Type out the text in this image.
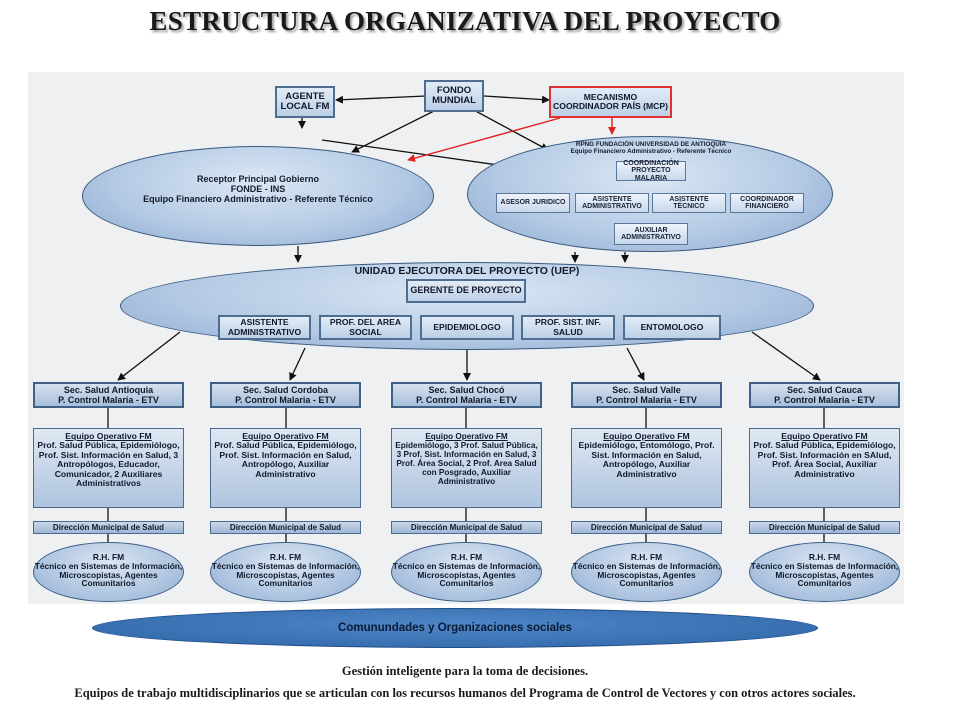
ESTRUCTURA ORGANIZATIVA DEL PROYECTO
AGENTE LOCAL FM
FONDO MUNDIAL	MECANISMO COORDINADOR PAÍS (MCP)
Receptor Principal Gobierno
FONDE - INS
Equipo Financiero Administrativo - Referente Técnico
RPNG FUNDACIÓN UNIVERSIDAD DE ANTIOQUIA
Equipo Financiero Administrativo - Referente Técnico
COORDINACIÓN PROYECTO MALARIA
ASESOR JURIDICO
ASISTENTE ADMINISTRATIVO
ASISTENTE TÉCNICO
COORDINADOR FINANCIERO
AUXILIAR ADMINISTRATIVO
UNIDAD EJECUTORA DEL PROYECTO (UEP)
GERENTE DE PROYECTO
ASISTENTE ADMINISTRATIVO
PROF. DEL AREA SOCIAL	EPIDEMIOLOGO	PROF. SIST. INF. SALUD	ENTOMOLOGO
Sec. Salud Antioquia
P. Control Malaria - ETV
Equipo Operativo FM
Prof. Salud Pública, Epidemiólogo, Prof. Sist. Información en Salud, 3 Antropólogos, Educador, Comunicador, 2 Auxiliares Administrativos
Dirección Municipal de Salud
R.H. FM
Técnico en Sistemas de Información, Microscopistas, Agentes Comunitarios
Sec. Salud Cordoba
P. Control Malaria - ETV
Equipo Operativo FM
Prof. Salud Pública, Epidemiólogo, Prof. Sist. Información en Salud, Antropólogo, Auxiliar Administrativo
Dirección Municipal de Salud
R.H. FM
Técnico en Sistemas de Información, Microscopistas, Agentes Comunitarios
Sec. Salud Chocó
P. Control Malaria - ETV
Equipo Operativo FM
Epidemiólogo, 3 Prof. Salud Pública, 3 Prof. Sist. Información en Salud, 3 Prof. Área Social, 2 Prof. Area Salud con Posgrado, Auxiliar Administrativo
Dirección Municipal de Salud
R.H. FM
Técnico en Sistemas de Información, Microscopistas, Agentes Comunitarios
Sec. Salud Valle
P. Control Malaria - ETV
Equipo Operativo FM
Epidemiólogo, Entomólogo, Prof. Sist. Información en Salud, Antropólogo, Auxiliar Administrativo
Dirección Municipal de Salud
R.H. FM
Técnico en Sistemas de Información, Microscopistas, Agentes Comunitarios
Sec. Salud Cauca
P. Control Malaria - ETV
Equipo Operativo FM
Prof. Salud Pública, Epidemiólogo, Prof. Sist. Información en SAlud, Prof. Área Social, Auxiliar Administrativo
Dirección Municipal de Salud
R.H. FM
Técnico en Sistemas de Información, Microscopistas, Agentes Comunitarios
Comunundades y Organizaciones sociales
Gestión inteligente para la toma de decisiones.
Equipos de trabajo multidisciplinarios que se articulan con los recursos humanos del Programa de Control de Vectores y con otros actores sociales.
